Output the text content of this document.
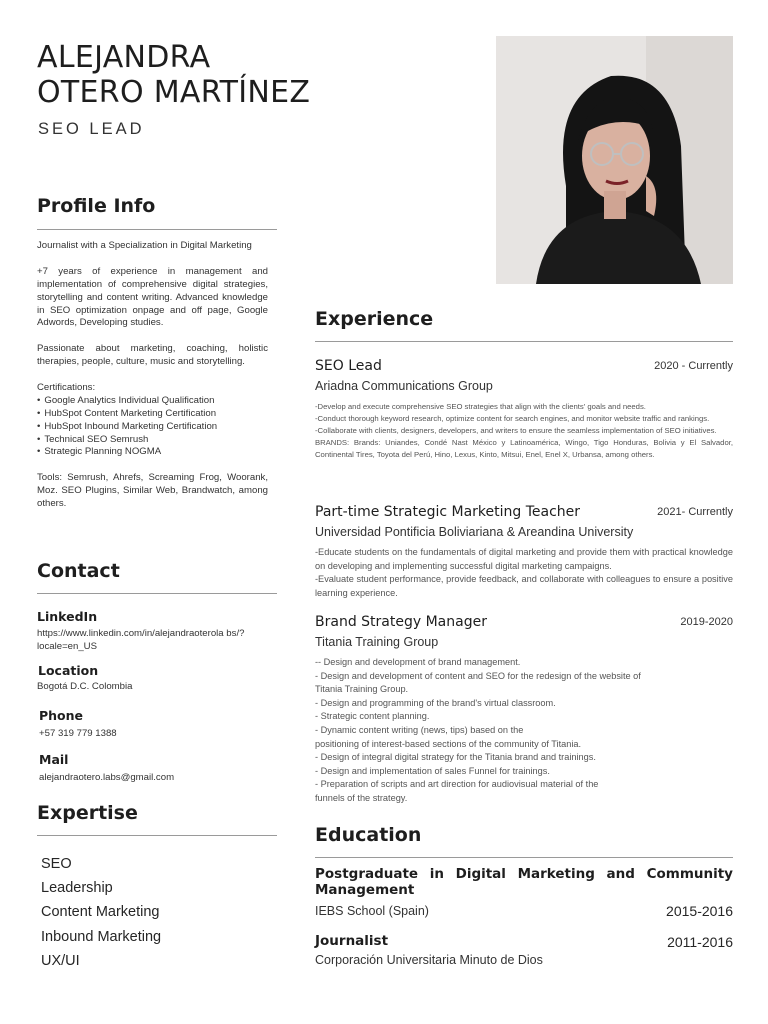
ALEJANDRA
OTERO MARTÍNEZ
SEO LEAD
Profile Info

Journalist with a Specialization in Digital Marketing

+7 years of experience in management and implementation of comprehensive digital strategies, storytelling and content writing. Advanced knowledge in SEO optimization onpage and off page, Google Adwords, Developing studies.

Passionate about marketing, coaching, holistic therapies, people, culture, music and storytelling.

Certifications:

• Google Analytics Individual Qualification
• HubSpot Content Marketing Certification
• HubSpot Inbound Marketing Certification
• Technical SEO Semrush
• Strategic Planning NOGMA

Tools: Semrush, Ahrefs, Screaming Frog, Woorank, Moz. SEO Plugins, Similar Web, Brandwatch, among others.

Contact
LinkedIn
https://www.linkedin.com/in/alejandraoterola bs/?locale=en_US
Location
Bogotá D.C. Colombia
Phone
+57 319 779 1388
Mail
alejandraotero.labs@gmail.com
Expertise
SEO
Leadership
Content Marketing
Inbound Marketing
UX/UI
Experience
SEO Lead	2020 - Currently
Ariadna Communications Group
-Develop and execute comprehensive SEO strategies that align with the clients' goals and needs.
-Conduct thorough keyword research, optimize content for search engines, and monitor website traffic and rankings.
-Collaborate with clients, designers, developers, and writers to ensure the seamless implementation of SEO initiatives.
BRANDS: Brands: Uniandes, Condé Nast México y Latinoamérica, Wingo, Tigo Honduras, Bolivia y El Salvador, Continental Tires, Toyota del Perú, Hino, Lexus, Kinto, Mitsui, Enel, Enel X, Urbansa, among others.
Part-time Strategic Marketing Teacher	2021- Currently
Universidad Pontificia Boliviariana & Areandina University
-Educate students on the fundamentals of digital marketing and provide them with practical knowledge on developing and implementing successful digital marketing campaigns.
-Evaluate student performance, provide feedback, and collaborate with colleagues to ensure a positive learning experience.
Brand Strategy Manager	2019-2020
Titania Training Group
-- Design and development of brand management.
- Design and development of content and SEO for the redesign of the website of
Titania Training Group.
- Design and programming of the brand's virtual classroom.
- Strategic content planning.
- Dynamic content writing (news, tips) based on the
positioning of interest-based sections of the community of Titania.
- Design of integral digital strategy for the Titania brand and trainings.
- Design and implementation of sales Funnel for trainings.
- Preparation of scripts and art direction for audiovisual material of the
funnels of the strategy.
Education
Postgraduate in Digital Marketing and Community Management
IEBS School (Spain)	2015-2016
Journalist	2011-2016
Corporación Universitaria Minuto de Dios
